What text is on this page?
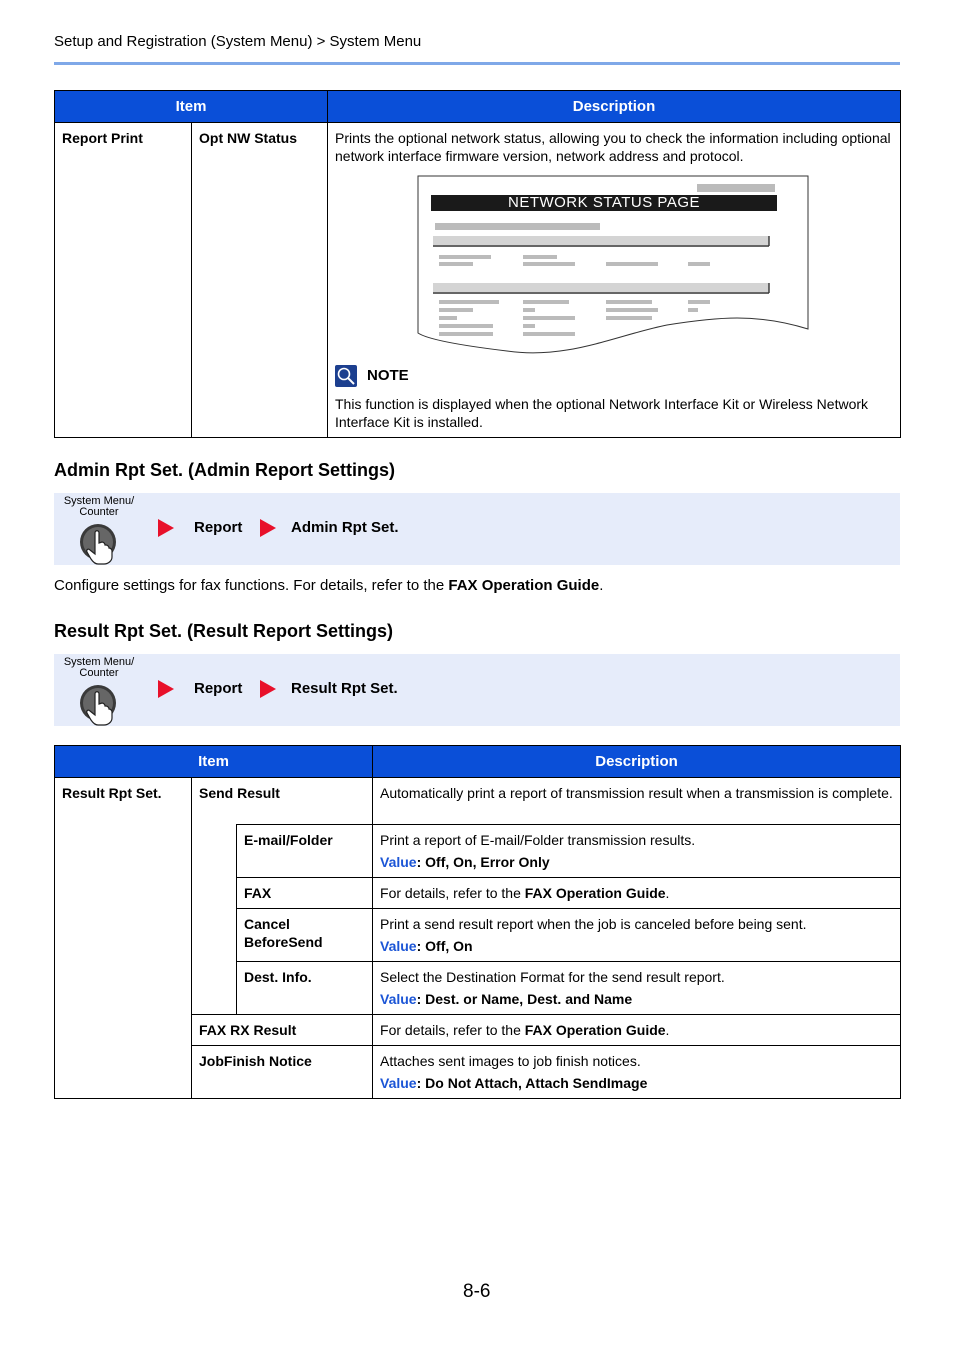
Setup and Registration (System Menu) > System Menu
Item		Description
Report Print	Opt NW Status	Prints the optional network status, allowing you to check the information including optional network interface firmware version, network address and protocol.
NETWORK STATUS PAGE
NOTE
This function is displayed when the optional Network Interface Kit or Wireless Network Interface Kit is installed.
Admin Rpt Set. (Admin Report Settings)
System Menu/
Counter
Report	Admin Rpt Set.
Configure settings for fax functions. For details, refer to the FAX Operation Guide.
Result Rpt Set. (Result Report Settings)
System Menu/
Counter
Report	Result Rpt Set.
Item			Description
Result Rpt Set.	Send Result		Automatically print a report of transmission result when a transmission is complete.
		E-mail/Folder	Print a report of E-mail/Folder transmission results.
Value: Off, On, Error Only

		FAX	For details, refer to the FAX Operation Guide.
		Cancel BeforeSend	Print a send result report when the job is canceled before being sent.
Value: Off, On

		Dest. Info.	Select the Destination Format for the send result report.
Value: Dest. or Name, Dest. and Name

	FAX RX Result		For details, refer to the FAX Operation Guide.
	JobFinish Notice		Attaches sent images to job finish notices.
Value: Do Not Attach, Attach SendImage
8-6
